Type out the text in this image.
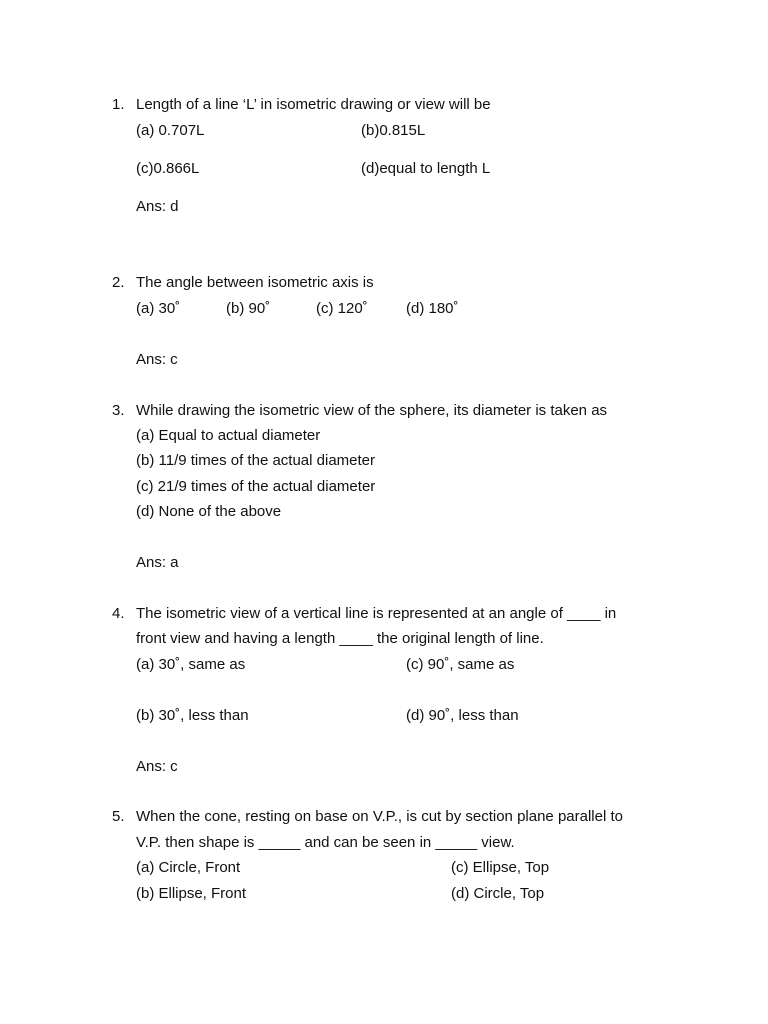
1. Length of a line ‘L’ in isometric drawing or view will be
(a) 0.707L	(b)0.815L
(c)0.866L	(d)equal to length L
Ans: d
2. The angle between isometric axis is
(a) 30˚	(b) 90˚	(c) 120˚	(d) 180˚
Ans: c
3. While drawing the isometric view of the sphere, its diameter is taken as
(a) Equal to actual diameter
(b) 11/9 times of the actual diameter
(c) 21/9 times of the actual diameter
(d) None of the above
Ans: a
4. The isometric view of a vertical line is represented at an angle of ____ in
front view and having a length ____ the original length of line.
(a) 30˚, same as	(c) 90˚, same as
(b) 30˚, less than	(d) 90˚, less than
Ans: c
5. When the cone, resting on base on V.P., is cut by section plane parallel to
V.P. then shape is _____ and can be seen in _____ view.
(a) Circle, Front	(c) Ellipse, Top
(b) Ellipse, Front	(d) Circle, Top
